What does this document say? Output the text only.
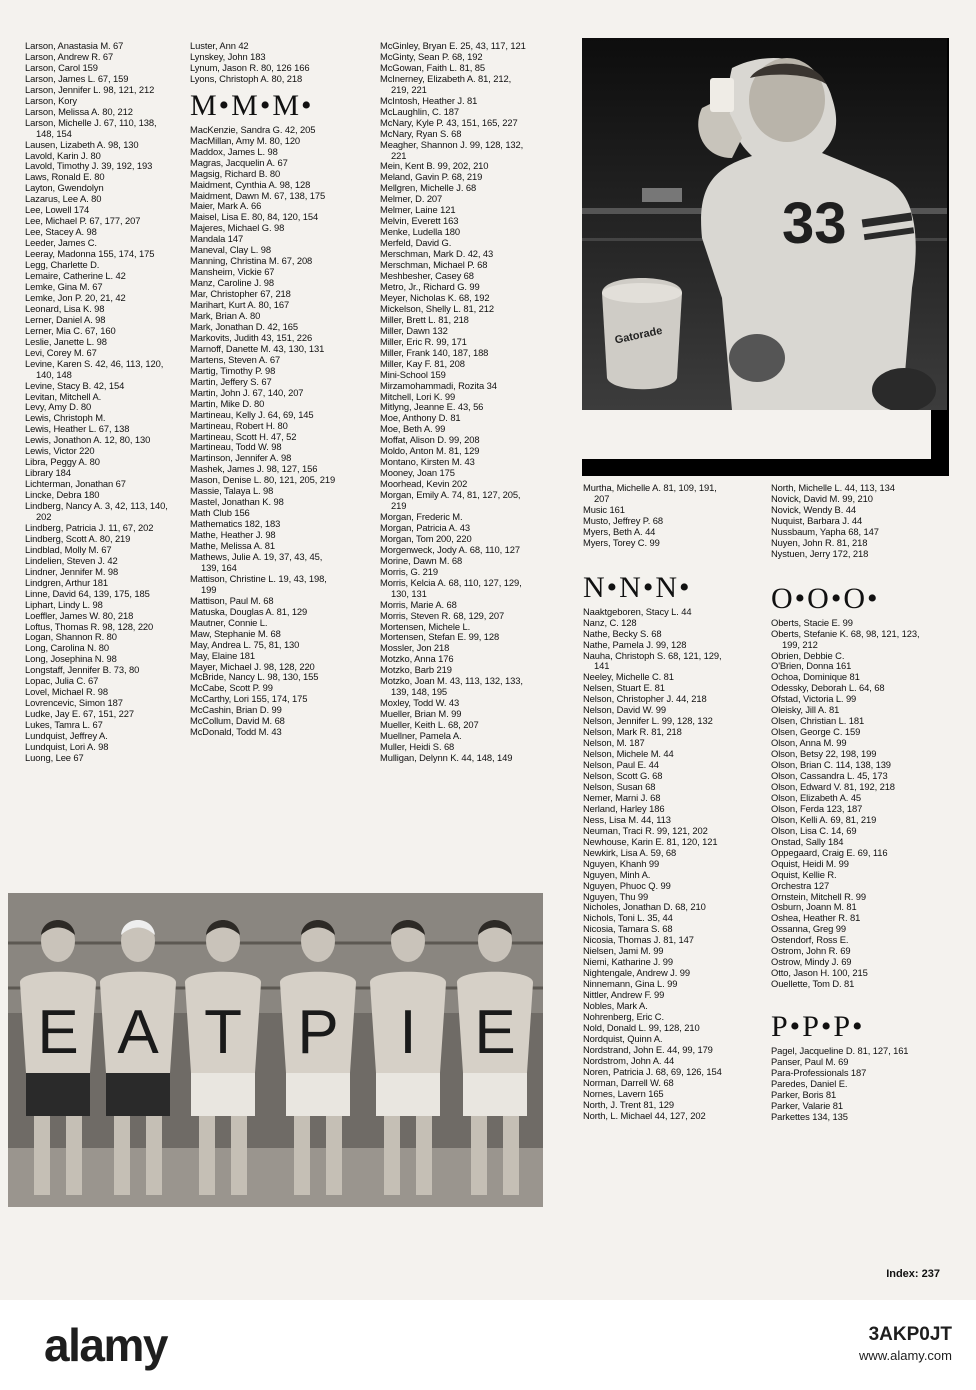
Larson, Anastasia M. 67
Larson, Andrew R. 67
Larson, Carol 159
Larson, James L. 67, 159
Larson, Jennifer L. 98, 121, 212
Larson, Kory
Larson, Melissa A. 80, 212
Larson, Michelle J. 67, 110, 138,
148, 154
Lausen, Lizabeth A. 98, 130
Lavold, Karin J. 80
Lavold, Timothy J. 39, 192, 193
Laws, Ronald E. 80
Layton, Gwendolyn
Lazarus, Lee A. 80
Lee, Lowell 174
Lee, Michael P. 67, 177, 207
Lee, Stacey A. 98
Leeder, James C.
Leeray, Madonna 155, 174, 175
Legg, Charlette D.
Lemaire, Catherine L. 42
Lemke, Gina M. 67
Lemke, Jon P. 20, 21, 42
Leonard, Lisa K. 98
Lerner, Daniel A. 98
Lerner, Mia C. 67, 160
Leslie, Janette L. 98
Levi, Corey M. 67
Levine, Karen S. 42, 46, 113, 120,
140, 148
Levine, Stacy B. 42, 154
Levitan, Mitchell A.
Levy, Amy D. 80
Lewis, Christoph M.
Lewis, Heather L. 67, 138
Lewis, Jonathon A. 12, 80, 130
Lewis, Victor 220
Libra, Peggy A. 80
Library 184
Lichterman, Jonathan 67
Lincke, Debra 180
Lindberg, Nancy A. 3, 42, 113, 140,
202
Lindberg, Patricia J. 11, 67, 202
Lindberg, Scott A. 80, 219
Lindblad, Molly M. 67
Lindelien, Steven J. 42
Lindner, Jennifer M. 98
Lindgren, Arthur 181
Linne, David 64, 139, 175, 185
Liphart, Lindy L. 98
Loeffler, James W. 80, 218
Loftus, Thomas R. 98, 128, 220
Logan, Shannon R. 80
Long, Carolina N. 80
Long, Josephina N. 98
Longstaff, Jennifer B. 73, 80
Lopac, Julia C. 67
Lovel, Michael R. 98
Lovrencevic, Simon 187
Ludke, Jay E. 67, 151, 227
Lukes, Tamra L. 67
Lundquist, Jeffrey A.
Lundquist, Lori A. 98
Luong, Lee 67
Luster, Ann 42
Lynskey, John 183
Lynum, Jason R. 80, 126 166
Lyons, Christoph A. 80, 218
M•M•M•
MacKenzie, Sandra G. 42, 205
MacMillan, Amy M. 80, 120
Maddox, James L. 98
Magras, Jacquelin A. 67
Magsig, Richard B. 80
Maidment, Cynthia A. 98, 128
Maidment, Dawn M. 67, 138, 175
Maier, Mark A. 66
Maisel, Lisa E. 80, 84, 120, 154
Majeres, Michael G. 98
Mandala 147
Maneval, Clay L. 98
Manning, Christina M. 67, 208
Mansheim, Vickie 67
Manz, Caroline J. 98
Mar, Christopher 67, 218
Marihart, Kurt A. 80, 167
Mark, Brian A. 80
Mark, Jonathan D. 42, 165
Markovits, Judith 43, 151, 226
Marnoff, Danette M. 43, 130, 131
Martens, Steven A. 67
Martig, Timothy P. 98
Martin, Jeffery S. 67
Martin, John J. 67, 140, 207
Martin, Mike D. 80
Martineau, Kelly J. 64, 69, 145
Martineau, Robert H. 80
Martineau, Scott H. 47, 52
Martineau, Todd W. 98
Martinson, Jennifer A. 98
Mashek, James J. 98, 127, 156
Mason, Denise L. 80, 121, 205, 219
Massie, Talaya L. 98
Mastel, Jonathan K. 98
Math Club 156
Mathematics 182, 183
Mathe, Heather J. 98
Mathe, Melissa A. 81
Mathews, Julie A. 19, 37, 43, 45,
139, 164
Mattison, Christine L. 19, 43, 198,
199
Mattison, Paul M. 68
Matuska, Douglas A. 81, 129
Mautner, Connie L.
Maw, Stephanie M. 68
May, Andrea L. 75, 81, 130
May, Elaine 181
Mayer, Michael J. 98, 128, 220
McBride, Nancy L. 98, 130, 155
McCabe, Scott P. 99
McCarthy, Lori 155, 174, 175
McCashin, Brian D. 99
McCollum, David M. 68
McDonald, Todd M. 43
McGinley, Bryan E. 25, 43, 117, 121
McGinty, Sean P. 68, 192
McGowan, Faith L. 81, 85
McInerney, Elizabeth A. 81, 212,
219, 221
McIntosh, Heather J. 81
McLaughlin, C. 187
McNary, Kyle P. 43, 151, 165, 227
McNary, Ryan S. 68
Meagher, Shannon J. 99, 128, 132,
221
Mein, Kent B. 99, 202, 210
Meland, Gavin P. 68, 219
Mellgren, Michelle J. 68
Melmer, D. 207
Melmer, Laine 121
Melvin, Everett 163
Menke, Ludella 180
Merfeld, David G.
Merschman, Mark D. 42, 43
Merschman, Michael P. 68
Meshbesher, Casey 68
Metro, Jr., Richard G. 99
Meyer, Nicholas K. 68, 192
Mickelson, Shelly L. 81, 212
Miller, Brett L. 81, 218
Miller, Dawn 132
Miller, Eric R. 99, 171
Miller, Frank 140, 187, 188
Miller, Kay F. 81, 208
Mini-School 159
Mirzamohammadi, Rozita 34
Mitchell, Lori K. 99
Mitlyng, Jeanne E. 43, 56
Moe, Anthony D. 81
Moe, Beth A. 99
Moffat, Alison D. 99, 208
Moldo, Anton M. 81, 129
Montano, Kirsten M. 43
Mooney, Joan 175
Moorhead, Kevin 202
Morgan, Emily A. 74, 81, 127, 205,
219
Morgan, Frederic M.
Morgan, Patricia A. 43
Morgan, Tom 200, 220
Morgenweck, Jody A. 68, 110, 127
Morine, Dawn M. 68
Morris, G. 219
Morris, Kelcia A. 68, 110, 127, 129,
130, 131
Morris, Marie A. 68
Morris, Steven R. 68, 129, 207
Mortensen, Michele L.
Mortensen, Stefan E. 99, 128
Mossler, Jon 218
Motzko, Anna 176
Motzko, Barb 219
Motzko, Joan M. 43, 113, 132, 133,
139, 148, 195
Moxley, Todd W. 43
Mueller, Brian M. 99
Mueller, Keith L. 68, 207
Muellner, Pamela A.
Muller, Heidi S. 68
Mulligan, Delynn K. 44, 148, 149
Murtha, Michelle A. 81, 109, 191,
207
Music 161
Musto, Jeffrey P. 68
Myers, Beth A. 44
Myers, Torey C. 99
N•N•N•
Naaktgeboren, Stacy L. 44
Nanz, C. 128
Nathe, Becky S. 68
Nathe, Pamela J. 99, 128
Nauha, Christoph S. 68, 121, 129,
141
Neeley, Michelle C. 81
Nelsen, Stuart E. 81
Nelson, Christopher J. 44, 218
Nelson, David W. 99
Nelson, Jennifer L. 99, 128, 132
Nelson, Mark R. 81, 218
Nelson, M. 187
Nelson, Michele M. 44
Nelson, Paul E. 44
Nelson, Scott G. 68
Nelson, Susan 68
Nemer, Marni J. 68
Nerland, Harley 186
Ness, Lisa M. 44, 113
Neuman, Traci R. 99, 121, 202
Newhouse, Karin E. 81, 120, 121
Newkirk, Lisa A. 59, 68
Nguyen, Khanh 99
Nguyen, Minh A.
Nguyen, Phuoc Q. 99
Nguyen, Thu 99
Nicholes, Jonathan D. 68, 210
Nichols, Toni L. 35, 44
Nicosia, Tamara S. 68
Nicosia, Thomas J. 81, 147
Nielsen, Jami M. 99
Niemi, Katharine J. 99
Nightengale, Andrew J. 99
Ninnemann, Gina L. 99
Nittler, Andrew F. 99
Nobles, Mark A.
Nohrenberg, Eric C.
Nold, Donald L. 99, 128, 210
Nordquist, Quinn A.
Nordstrand, John E. 44, 99, 179
Nordstrom, John A. 44
Noren, Patricia J. 68, 69, 126, 154
Norman, Darrell W. 68
Nornes, Lavern 165
North, J. Trent 81, 129
North, L. Michael 44, 127, 202
North, Michelle L. 44, 113, 134
Novick, David M. 99, 210
Novick, Wendy B. 44
Nuquist, Barbara J. 44
Nussbaum, Yapha 68, 147
Nuyen, John R. 81, 218
Nystuen, Jerry 172, 218
O•O•O•
Oberts, Stacie E. 99
Oberts, Stefanie K. 68, 98, 121, 123,
199, 212
Obrien, Debbie C.
O'Brien, Donna 161
Ochoa, Dominique 81
Odessky, Deborah L. 64, 68
Ofstad, Victoria L. 99
Oleisky, Jill A. 81
Olsen, Christian L. 181
Olsen, George C. 159
Olson, Anna M. 99
Olson, Betsy 22, 198, 199
Olson, Brian C. 114, 138, 139
Olson, Cassandra L. 45, 173
Olson, Edward V. 81, 192, 218
Olson, Elizabeth A. 45
Olson, Ferda 123, 187
Olson, Kelli A. 69, 81, 219
Olson, Lisa C. 14, 69
Onstad, Sally 184
Oppegaard, Craig E. 69, 116
Oquist, Heidi M. 99
Oquist, Kellie R.
Orchestra 127
Ornstein, Mitchell R. 99
Osburn, Joann M. 81
Oshea, Heather R. 81
Ossanna, Greg 99
Ostendorf, Ross E.
Ostrom, John R. 69
Ostrow, Mindy J. 69
Otto, Jason H. 100, 215
Ouellette, Tom D. 81
P•P•P•
Pagel, Jacqueline D. 81, 127, 161
Panser, Paul M. 69
Para-Professionals 187
Paredes, Daniel E.
Parker, Boris 81
Parker, Valarie 81
Parkettes 134, 135
33
Gatorade
E A T P I E
Index: 237
alamy	3AKP0JT
www.alamy.com
